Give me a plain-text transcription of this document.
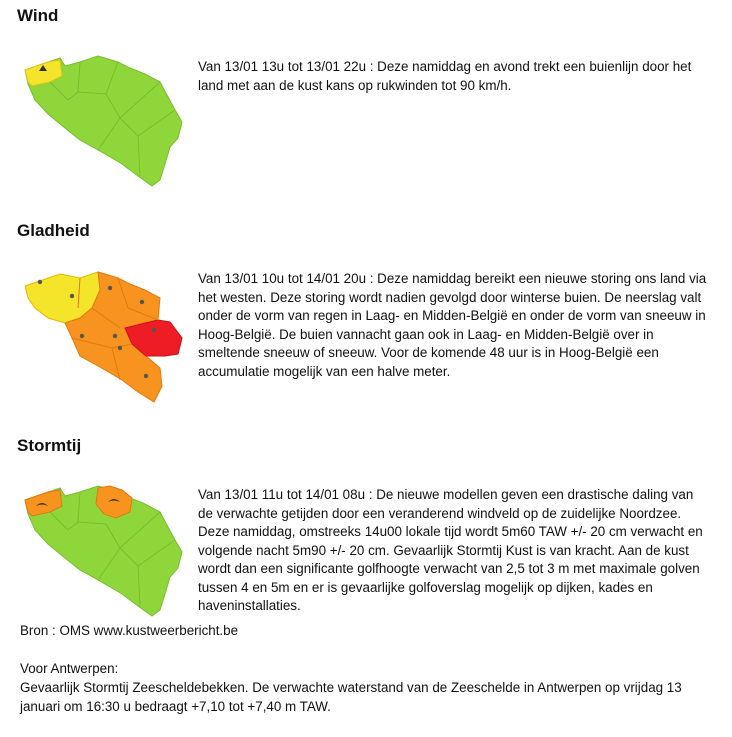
Wind

Van 13/01 13u tot 13/01 22u : Deze namiddag en avond trekt een buienlijn door het land met aan de kust kans op rukwinden tot 90 km/h.

Gladheid

Van 13/01 10u tot 14/01 20u : Deze namiddag bereikt een nieuwe storing ons land via het westen. Deze storing wordt nadien gevolgd door winterse buien. De neerslag valt onder de vorm van regen in Laag- en Midden-België en onder de vorm van sneeuw in Hoog-België. De buien vannacht gaan ook in Laag- en Midden-België over in smeltende sneeuw of sneeuw. Voor de komende 48 uur is in Hoog-België een accumulatie mogelijk van een halve meter.

Stormtij

Van 13/01 11u tot 14/01 08u : De nieuwe modellen geven een drastische daling van de verwachte getijden door een veranderend windveld op de zuidelijke Noordzee. Deze namiddag, omstreeks 14u00 lokale tijd wordt 5m60 TAW +/- 20 cm verwacht en volgende nacht 5m90 +/- 20 cm. Gevaarlijk Stormtij Kust is van kracht. Aan de kust wordt dan een significante golfhoogte verwacht van 2,5 tot 3 m met maximale golven tussen 4 en 5m en er is gevaarlijke golfoverslag mogelijk op dijken, kades en haveninstallaties.

Bron : OMS www.kustweerbericht.be

Voor Antwerpen:

Gevaarlijk Stormtij Zeescheldebekken. De verwachte waterstand van de Zeeschelde in Antwerpen op vrijdag 13 januari om 16:30 u bedraagt +7,10 tot +7,40 m TAW.
